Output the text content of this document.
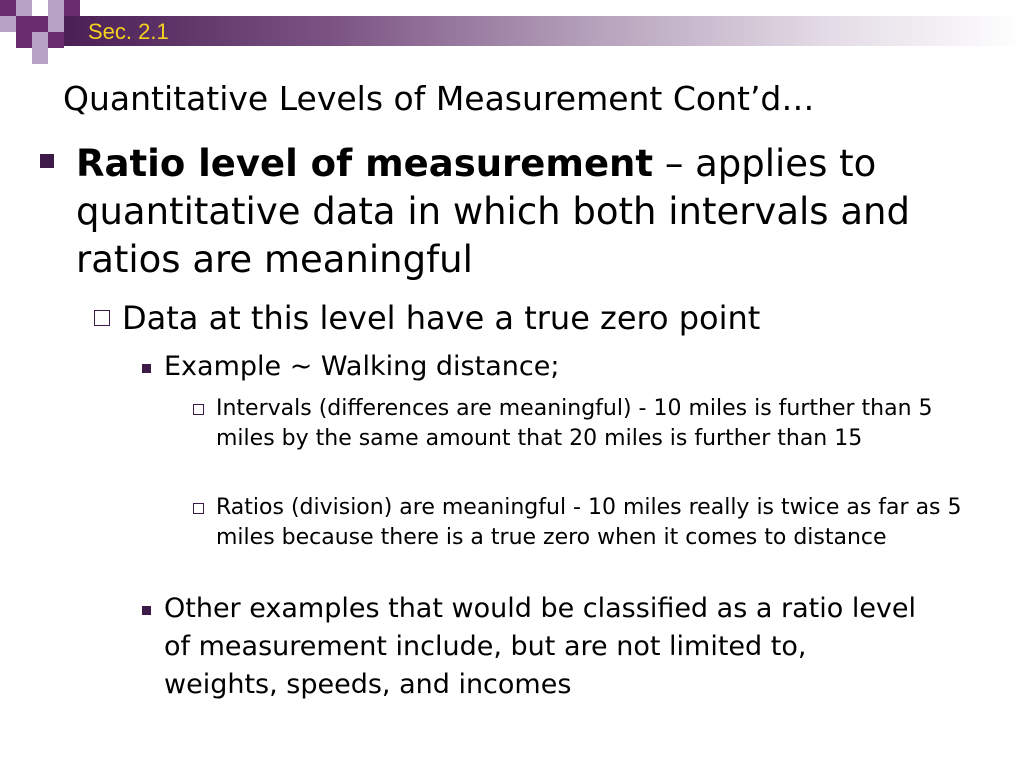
Sec. 2.1
Quantitative Levels of Measurement Cont’d…
Ratio level of measurement – applies to quantitative data in which both intervals and ratios are meaningful
Data at this level have a true zero point
Example ~ Walking distance;
Intervals (differences are meaningful) - 10 miles is further than 5 miles by the same amount that 20 miles is further than 15
Ratios (division) are meaningful - 10 miles really is twice as far as 5 miles because there is a true zero when it comes to distance
Other examples that would be classified as a ratio level of measurement include, but are not limited to, weights, speeds, and incomes
